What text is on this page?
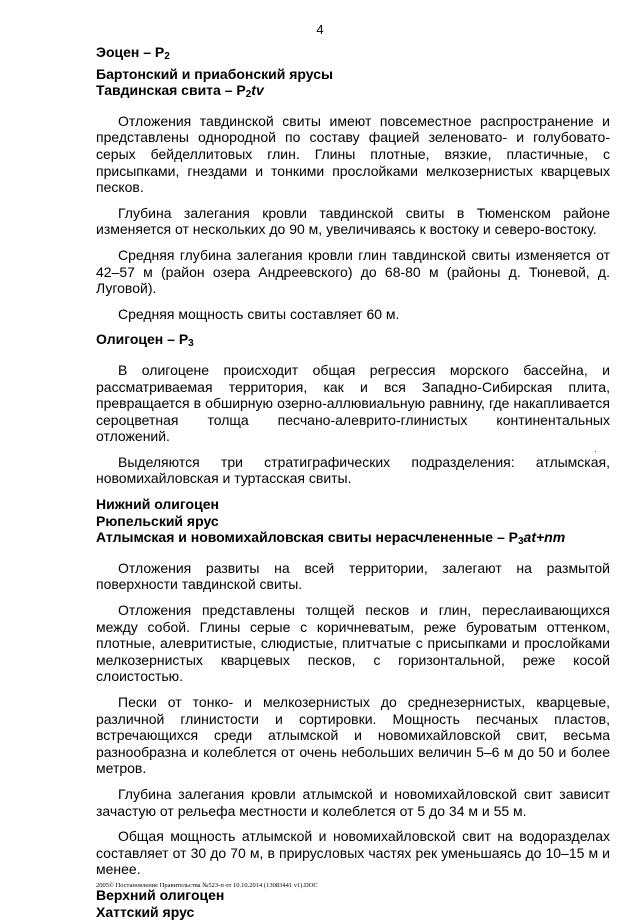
4

Эоцен – Р2

Бартонский и приабонский ярусы

Тавдинская свита – Р2tv

Отложения тавдинской свиты имеют повсеместное распространение и представлены однородной по составу фацией зеленовато- и голубовато-серых бейделлитовых глин. Глины плотные, вязкие, пластичные, с присыпками, гнездами и тонкими прослойками мелкозернистых кварцевых песков.

Глубина залегания кровли тавдинской свиты в Тюменском районе изменяется от нескольких до 90 м, увеличиваясь к востоку и северо-востоку.

Средняя глубина залегания кровли глин тавдинской свиты изменяется от 42–57 м (район озера Андреевского) до 68-80 м (районы д. Тюневой, д. Луговой).

Средняя мощность свиты составляет 60 м.

Олигоцен – Р3

В олигоцене происходит общая регрессия морского бассейна, и рассматриваемая территория, как и вся Западно-Сибирская плита, превращается в обширную озерно-аллювиальную равнину, где накапливается сероцветная толща песчано-алеврито-глинистых континентальных отложений.

Выделяются три стратиграфических подразделения: атлымская, новомихайловская и туртасская свиты.

Нижний олигоцен

Рюпельский ярус

Атлымская и новомихайловская свиты нерасчлененные – Р3at+nm

Отложения развиты на всей территории, залегают на размытой поверхности тавдинской свиты.

Отложения представлены толщей песков и глин, переслаивающихся между собой. Глины серые с коричневатым, реже буроватым оттенком, плотные, алевритистые, слюдистые, плитчатые с присыпками и прослойками мелкозернистых кварцевых песков, с горизонтальной, реже косой слоистостью.

Пески от тонко- и мелкозернистых до среднезернистых, кварцевые, различной глинистости и сортировки. Мощность песчаных пластов, встречающихся среди атлымской и новомихайловской свит, весьма разнообразна и колеблется от очень небольших величин 5–6 м до 50 и более метров.

Глубина залегания кровли атлымской и новомихайловской свит зависит зачастую от рельефа местности и колеблется от 5 до 34 м и 55 м.

Общая мощность атлымской и новомихайловской свит на водоразделах составляет от 30 до 70 м, в прирусловых частях рек уменьшаясь до 10–15 м и менее.

Верхний олигоцен

Хаттский ярус

·
2005© Постановление Правительства №523-п от 10.10.2014 (13083441 v1).DOC
